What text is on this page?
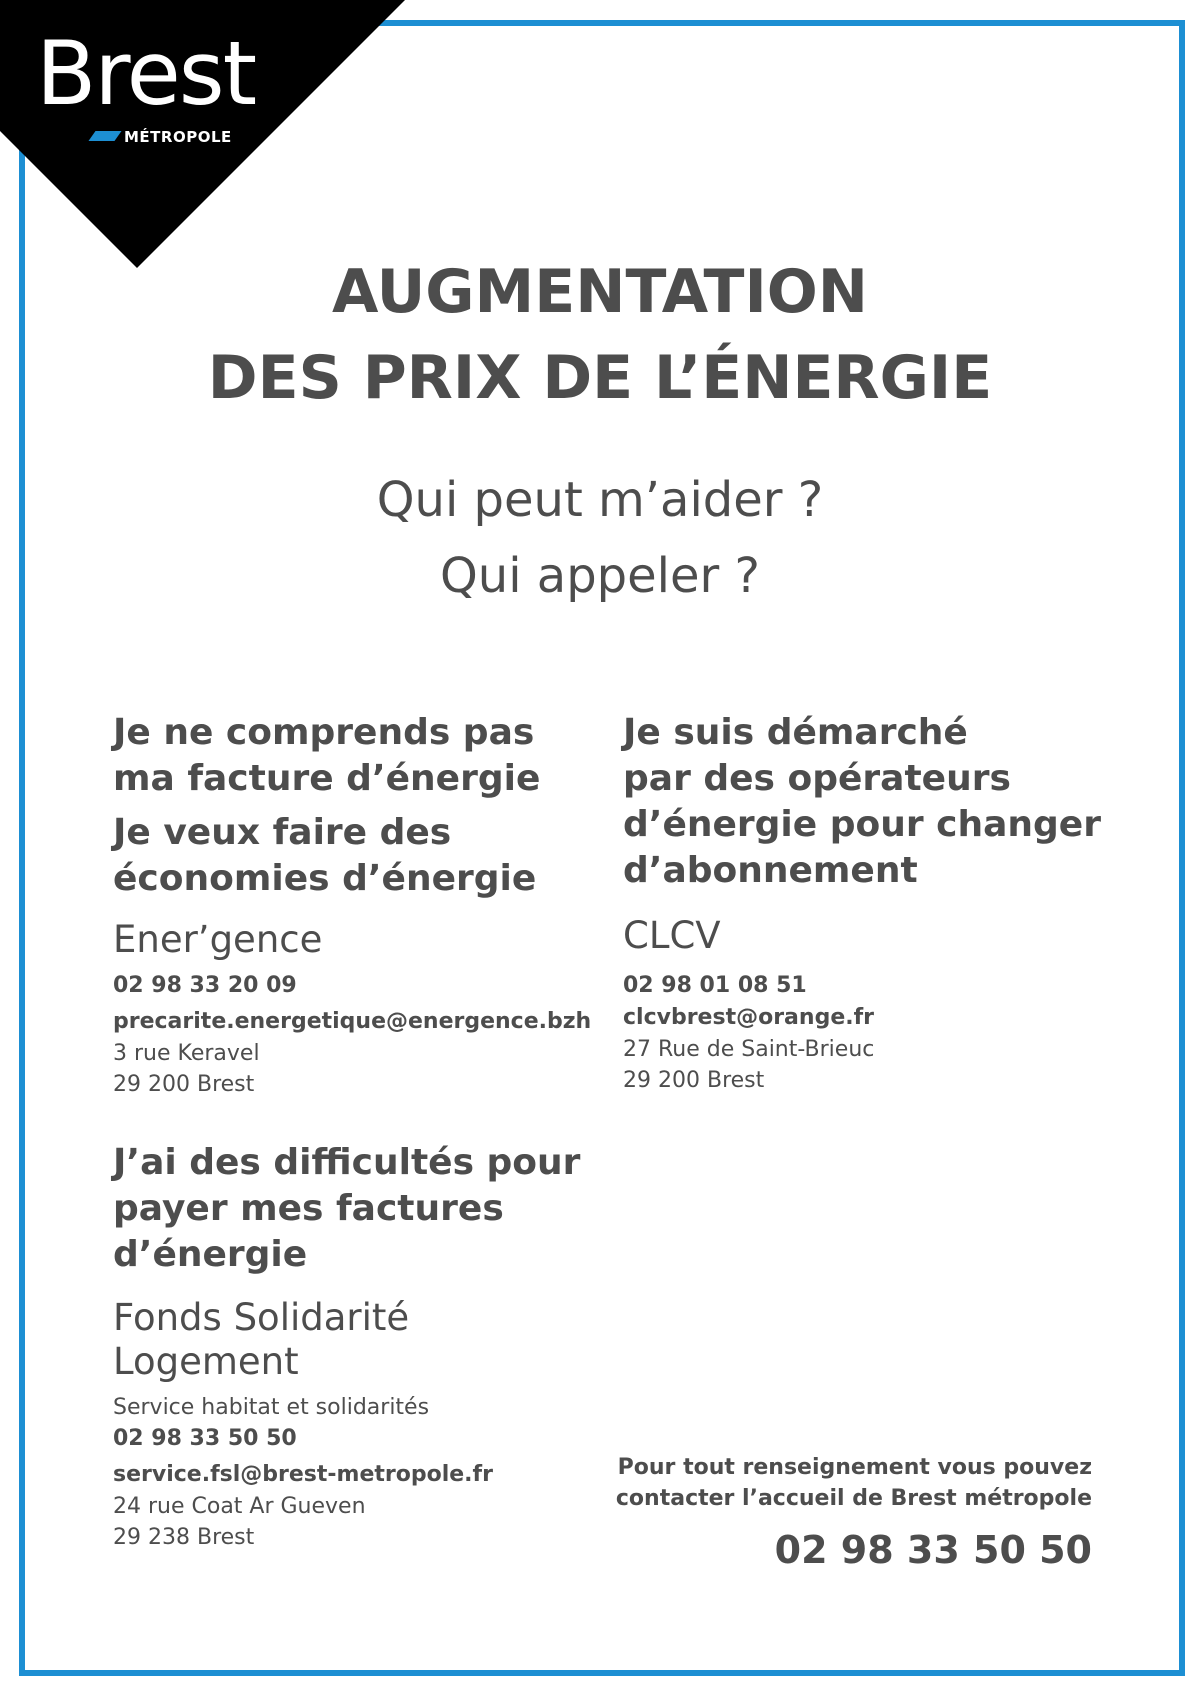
Brest
MÉTROPOLE
AUGMENTATION
DES PRIX DE L’ÉNERGIE
Qui peut m’aider ?
Qui appeler ?

Je ne comprends pas

ma facture d’énergie

Je veux faire des

économies d’énergie

Ener’gence

02 98 33 20 09
precarite.energetique@energence.bzh
3 rue Keravel
29 200 Brest

Je suis démarché

par des opérateurs

d’énergie pour changer

d’abonnement

CLCV

02 98 01 08 51
clcvbrest@orange.fr
27 Rue de Saint-Brieuc
29 200 Brest

J’ai des difficultés pour

payer mes factures

d’énergie

Fonds Solidarité

Logement

Service habitat et solidarités
02 98 33 50 50
service.fsl@brest-metropole.fr
24 rue Coat Ar Gueven
29 238 Brest
Pour tout renseignement vous pouvez
contacter l’accueil de Brest métropole
02 98 33 50 50
